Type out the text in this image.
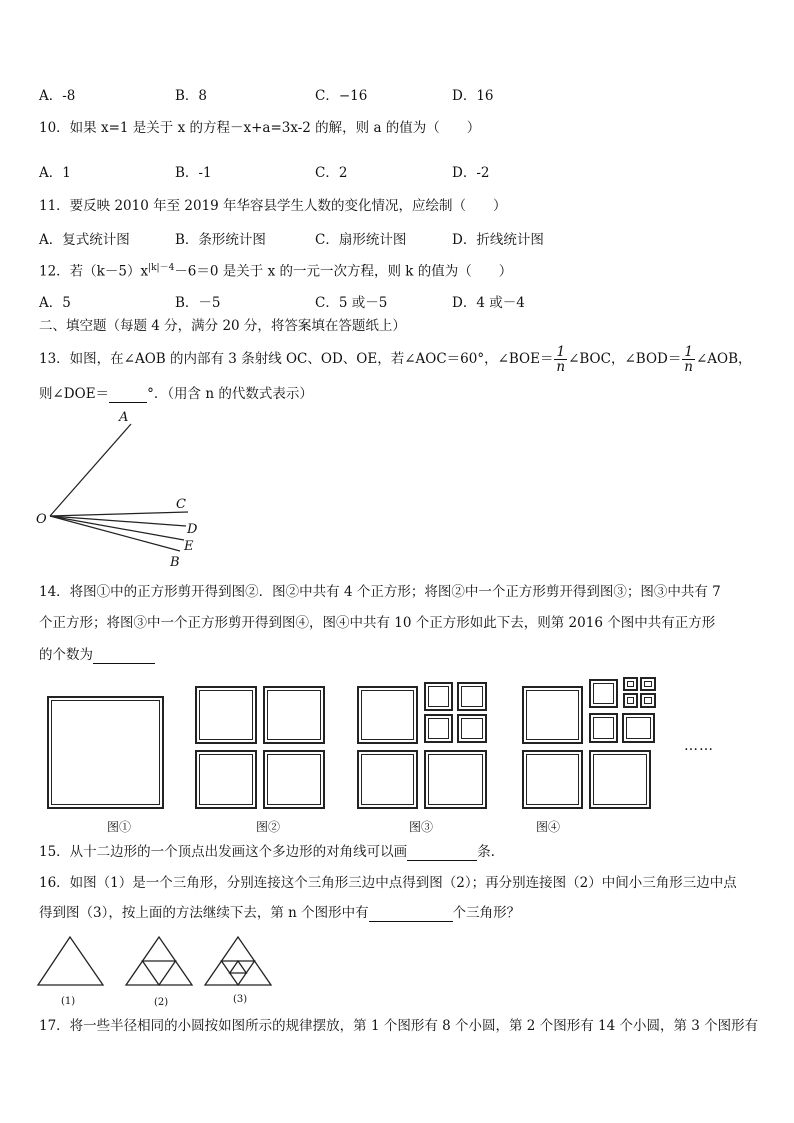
A．-8	B．8	C．−16	D．16
10．如果 x=1 是关于 x 的方程－x+a=3x-2 的解，则 a 的值为（　　）
A．1	B．-1	C．2	D．-2
11．要反映 2010 年至 2019 年华容县学生人数的变化情况，应绘制（　　）
A．复式统计图	B．条形统计图	C．扇形统计图	D．折线统计图
12．若$(k-5)x^{|k|-4}-6=0$ 是关于 x 的一元一次方程，则 k 的值为（　　）
A．5	B．－5	C．5 或－5	D．4 或－4
二、填空题（每题 4 分，满分 20 分，将答案填在答题纸上）
13．如图，在∠AOB 的内部有 3 条射线 OC、OD、OE，若∠AOC＝60°，∠BOE＝ $\frac{1}{n}$ ∠BOC，∠BOD＝ $\frac{1}{n}$ ∠AOB，
则∠DOE＝	°．（用含 n 的代数式表示）
A
C
O
D
E
B
14．将图①中的正方形剪开得到图②．图②中共有 4 个正方形；将图②中一个正方形剪开得到图③；图③中共有 7
个正方形；将图③中一个正方形剪开得到图④，图④中共有 10 个正方形如此下去，则第 2016 个图中共有正方形
的个数为
……
图①	图②	图③	图④
15．从十二边形的一个顶点出发画这个多边形的对角线可以画	条.
16．如图（1）是一个三角形，分别连接这个三角形三边中点得到图（2）；再分别连接图（2）中间小三角形三边中点
得到图（3），按上面的方法继续下去，第 n 个图形中有	个三角形？
(1)	(2)	(3)
17．将一些半径相同的小圆按如图所示的规律摆放，第 1 个图形有 8 个小圆，第 2 个图形有 14 个小圆，第 3 个图形有
